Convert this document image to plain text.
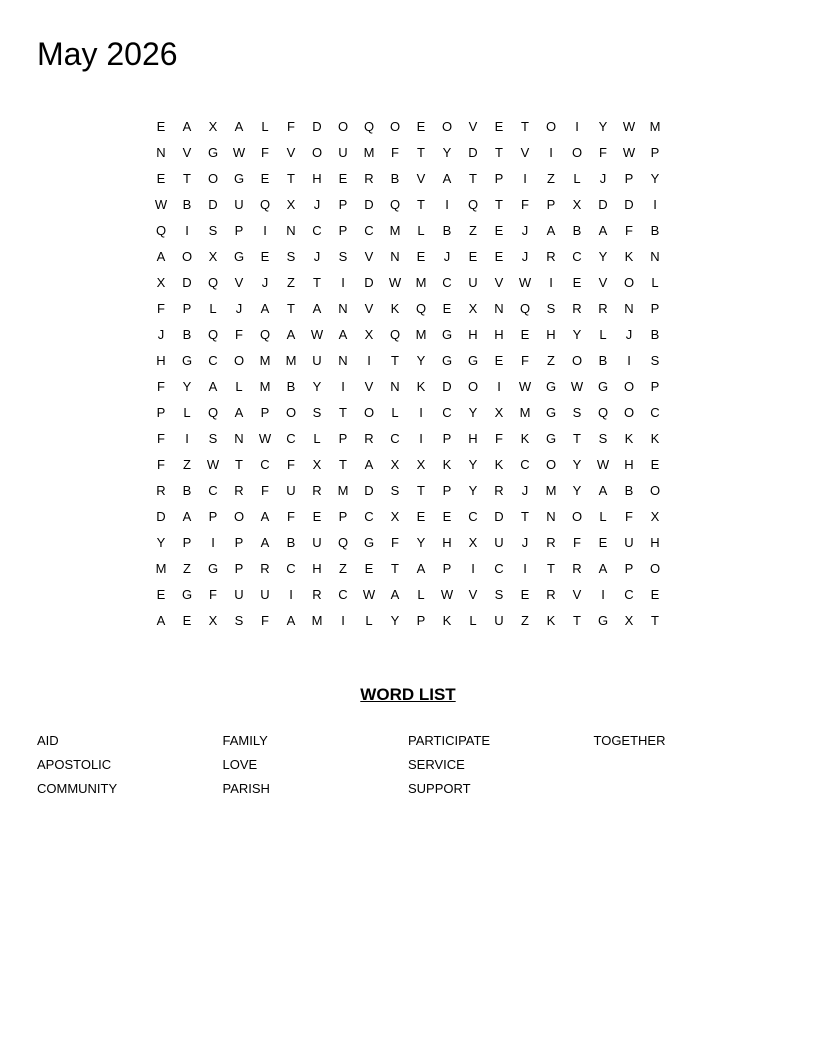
May 2026
E	A	X	A	L	F	D	O	Q	O	E	O	V	E	T	O	I	Y	W	M
N	V	G	W	F	V	O	U	M	F	T	Y	D	T	V	I	O	F	W	P
E	T	O	G	E	T	H	E	R	B	V	A	T	P	I	Z	L	J	P	Y
W	B	D	U	Q	X	J	P	D	Q	T	I	Q	T	F	P	X	D	D	I
Q	I	S	P	I	N	C	P	C	M	L	B	Z	E	J	A	B	A	F	B
A	O	X	G	E	S	J	S	V	N	E	J	E	E	J	R	C	Y	K	N
X	D	Q	V	J	Z	T	I	D	W	M	C	U	V	W	I	E	V	O	L
F	P	L	J	A	T	A	N	V	K	Q	E	X	N	Q	S	R	R	N	P
J	B	Q	F	Q	A	W	A	X	Q	M	G	H	H	E	H	Y	L	J	B
H	G	C	O	M	M	U	N	I	T	Y	G	G	E	F	Z	O	B	I	S
F	Y	A	L	M	B	Y	I	V	N	K	D	O	I	W	G	W	G	O	P
P	L	Q	A	P	O	S	T	O	L	I	C	Y	X	M	G	S	Q	O	C
F	I	S	N	W	C	L	P	R	C	I	P	H	F	K	G	T	S	K	K
F	Z	W	T	C	F	X	T	A	X	X	K	Y	K	C	O	Y	W	H	E
R	B	C	R	F	U	R	M	D	S	T	P	Y	R	J	M	Y	A	B	O
D	A	P	O	A	F	E	P	C	X	E	E	C	D	T	N	O	L	F	X
Y	P	I	P	A	B	U	Q	G	F	Y	H	X	U	J	R	F	E	U	H
M	Z	G	P	R	C	H	Z	E	T	A	P	I	C	I	T	R	A	P	O
E	G	F	U	U	I	R	C	W	A	L	W	V	S	E	R	V	I	C	E
A	E	X	S	F	A	M	I	L	Y	P	K	L	U	Z	K	T	G	X	T
WORD LIST
AID
APOSTOLIC
COMMUNITY
FAMILY
LOVE
PARISH
PARTICIPATE
SERVICE
SUPPORT
TOGETHER
